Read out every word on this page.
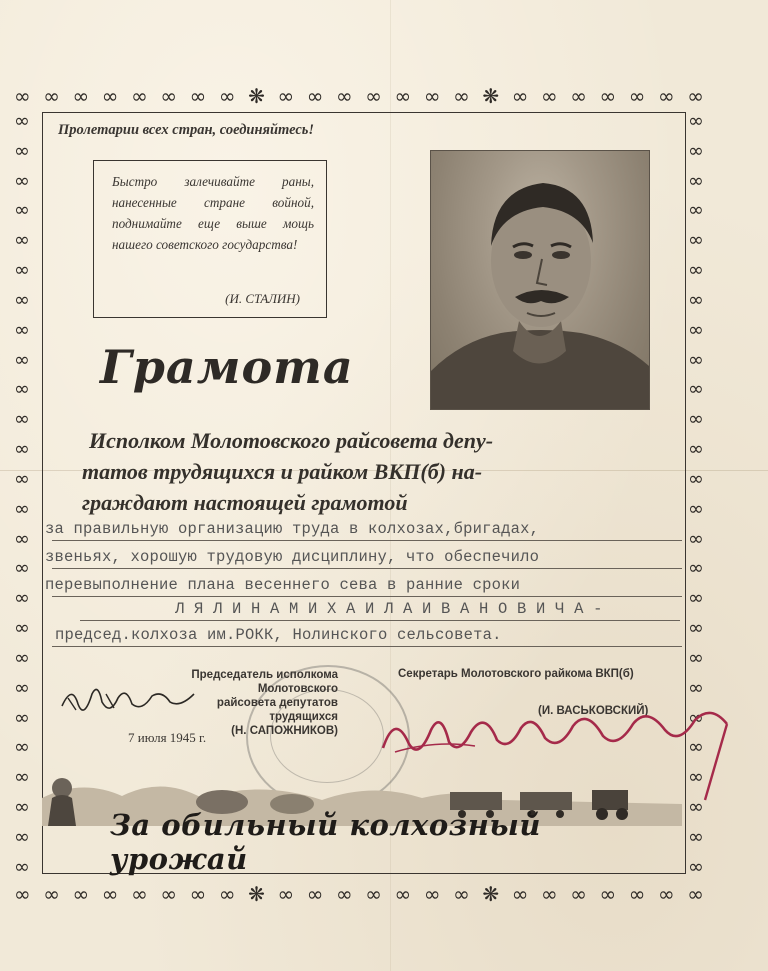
∞ ∞ ∞ ∞ ∞ ∞ ∞ ∞ ❋ ∞ ∞ ∞ ∞ ∞ ∞ ∞ ❋ ∞ ∞ ∞ ∞ ∞ ∞ ∞
∞ ∞ ∞ ∞ ∞ ∞ ∞ ∞ ❋ ∞ ∞ ∞ ∞ ∞ ∞ ∞ ❋ ∞ ∞ ∞ ∞ ∞ ∞ ∞
∞
∞
∞
∞
∞
∞
∞
∞
∞
∞
∞
∞
∞
∞
∞
∞
∞
∞
∞
∞
∞
∞
∞
∞
∞
∞
∞
∞
∞
∞
∞
∞
∞
∞
∞
∞
∞
∞
∞
∞
∞
∞
∞
∞
∞
∞
∞
∞
∞
∞
∞
∞
Пролетарии всех стран, соединяйтесь!
Быстро залечивайте раны, нанесенные стране войной, поднимайте еще выше мощь нашего советского государства!
(И. СТАЛИН)
Грамота
Исполком Молотовского райсовета депу-
татов трудящихся и райком ВКП(б) на-
граждают настоящей грамотой
за правильную организацию труда в колхозах,бригадах,
звеньях, хорошую трудовую дисциплину, что обеспечило
перевыполнение плана весеннего сева в ранние сроки
Л Я Л И Н А М И Х А И Л А И В А Н О В И Ч А -
председ.колхоза им.РОКК, Нолинского сельсовета.
Председатель исполкома Молотовского
райсовета депутатов трудящихся
(Н. САПОЖНИКОВ)
Секретарь Молотовского райкома ВКП(б)
(И. ВАСЬКОВСКИЙ)
7 июля 1945 г.
За обильный колхозный урожай
